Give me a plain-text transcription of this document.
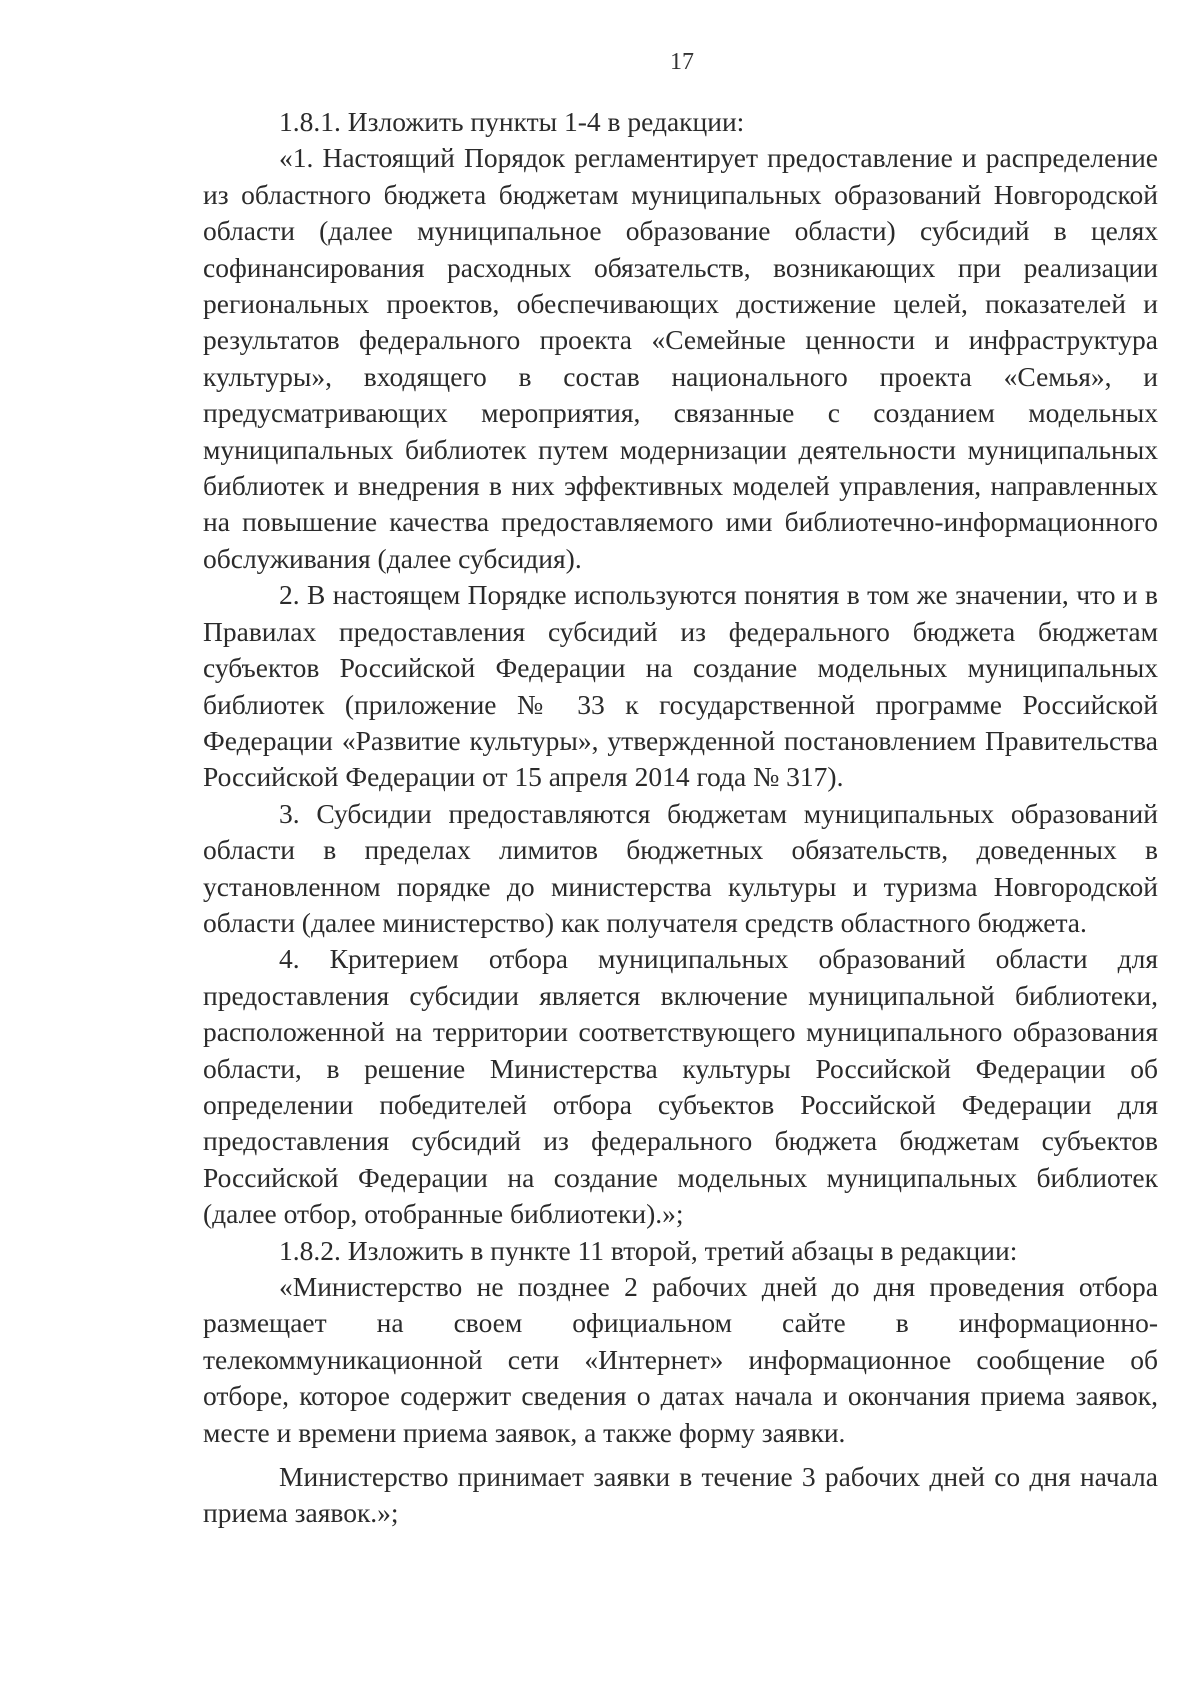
17

1.8.1. Изложить пункты 1-4 в редакции:

«1. Настоящий Порядок регламентирует предоставление и распределение из областного бюджета бюджетам муниципальных образований Новгородской области (далее муниципальное образование области) субсидий в целях софинансирования расходных обязательств, возникающих при реализации региональных проектов, обеспечивающих достижение целей, показателей и результатов федерального проекта «Семейные ценности и инфраструктура культуры», входящего в состав национального проекта «Семья», и предусматривающих мероприятия, связанные с созданием модельных муниципальных библиотек путем модернизации деятельности муниципальных библиотек и внедрения в них эффективных моделей управления, направленных на повышение качества предоставляемого ими библиотечно-информационного обслуживания (далее субсидия).

2. В настоящем Порядке используются понятия в том же значении, что и в Правилах предоставления субсидий из федерального бюджета бюджетам субъектов Российской Федерации на создание модельных муниципальных библиотек (приложение № 33 к государственной программе Российской Федерации «Развитие культуры», утвержденной постановлением Правительства Российской Федерации от 15 апреля 2014 года № 317).

3. Субсидии предоставляются бюджетам муниципальных образований области в пределах лимитов бюджетных обязательств, доведенных в установленном порядке до министерства культуры и туризма Новгородской области (далее министерство) как получателя средств областного бюджета.

4. Критерием отбора муниципальных образований области для предоставления субсидии является включение муниципальной библиотеки, расположенной на территории соответствующего муниципального образования области, в решение Министерства культуры Российской Федерации об определении победителей отбора субъектов Российской Федерации для предоставления субсидий из федерального бюджета бюджетам субъектов Российской Федерации на создание модельных муниципальных библиотек (далее отбор, отобранные библиотеки).»;

1.8.2. Изложить в пункте 11 второй, третий абзацы в редакции:

«Министерство не позднее 2 рабочих дней до дня проведения отбора размещает на своем официальном сайте в информационно-телекоммуникационной сети «Интернет» информационное сообщение об отборе, которое содержит сведения о датах начала и окончания приема заявок, месте и времени приема заявок, а также форму заявки.

Министерство принимает заявки в течение 3 рабочих дней со дня начала приема заявок.»;
